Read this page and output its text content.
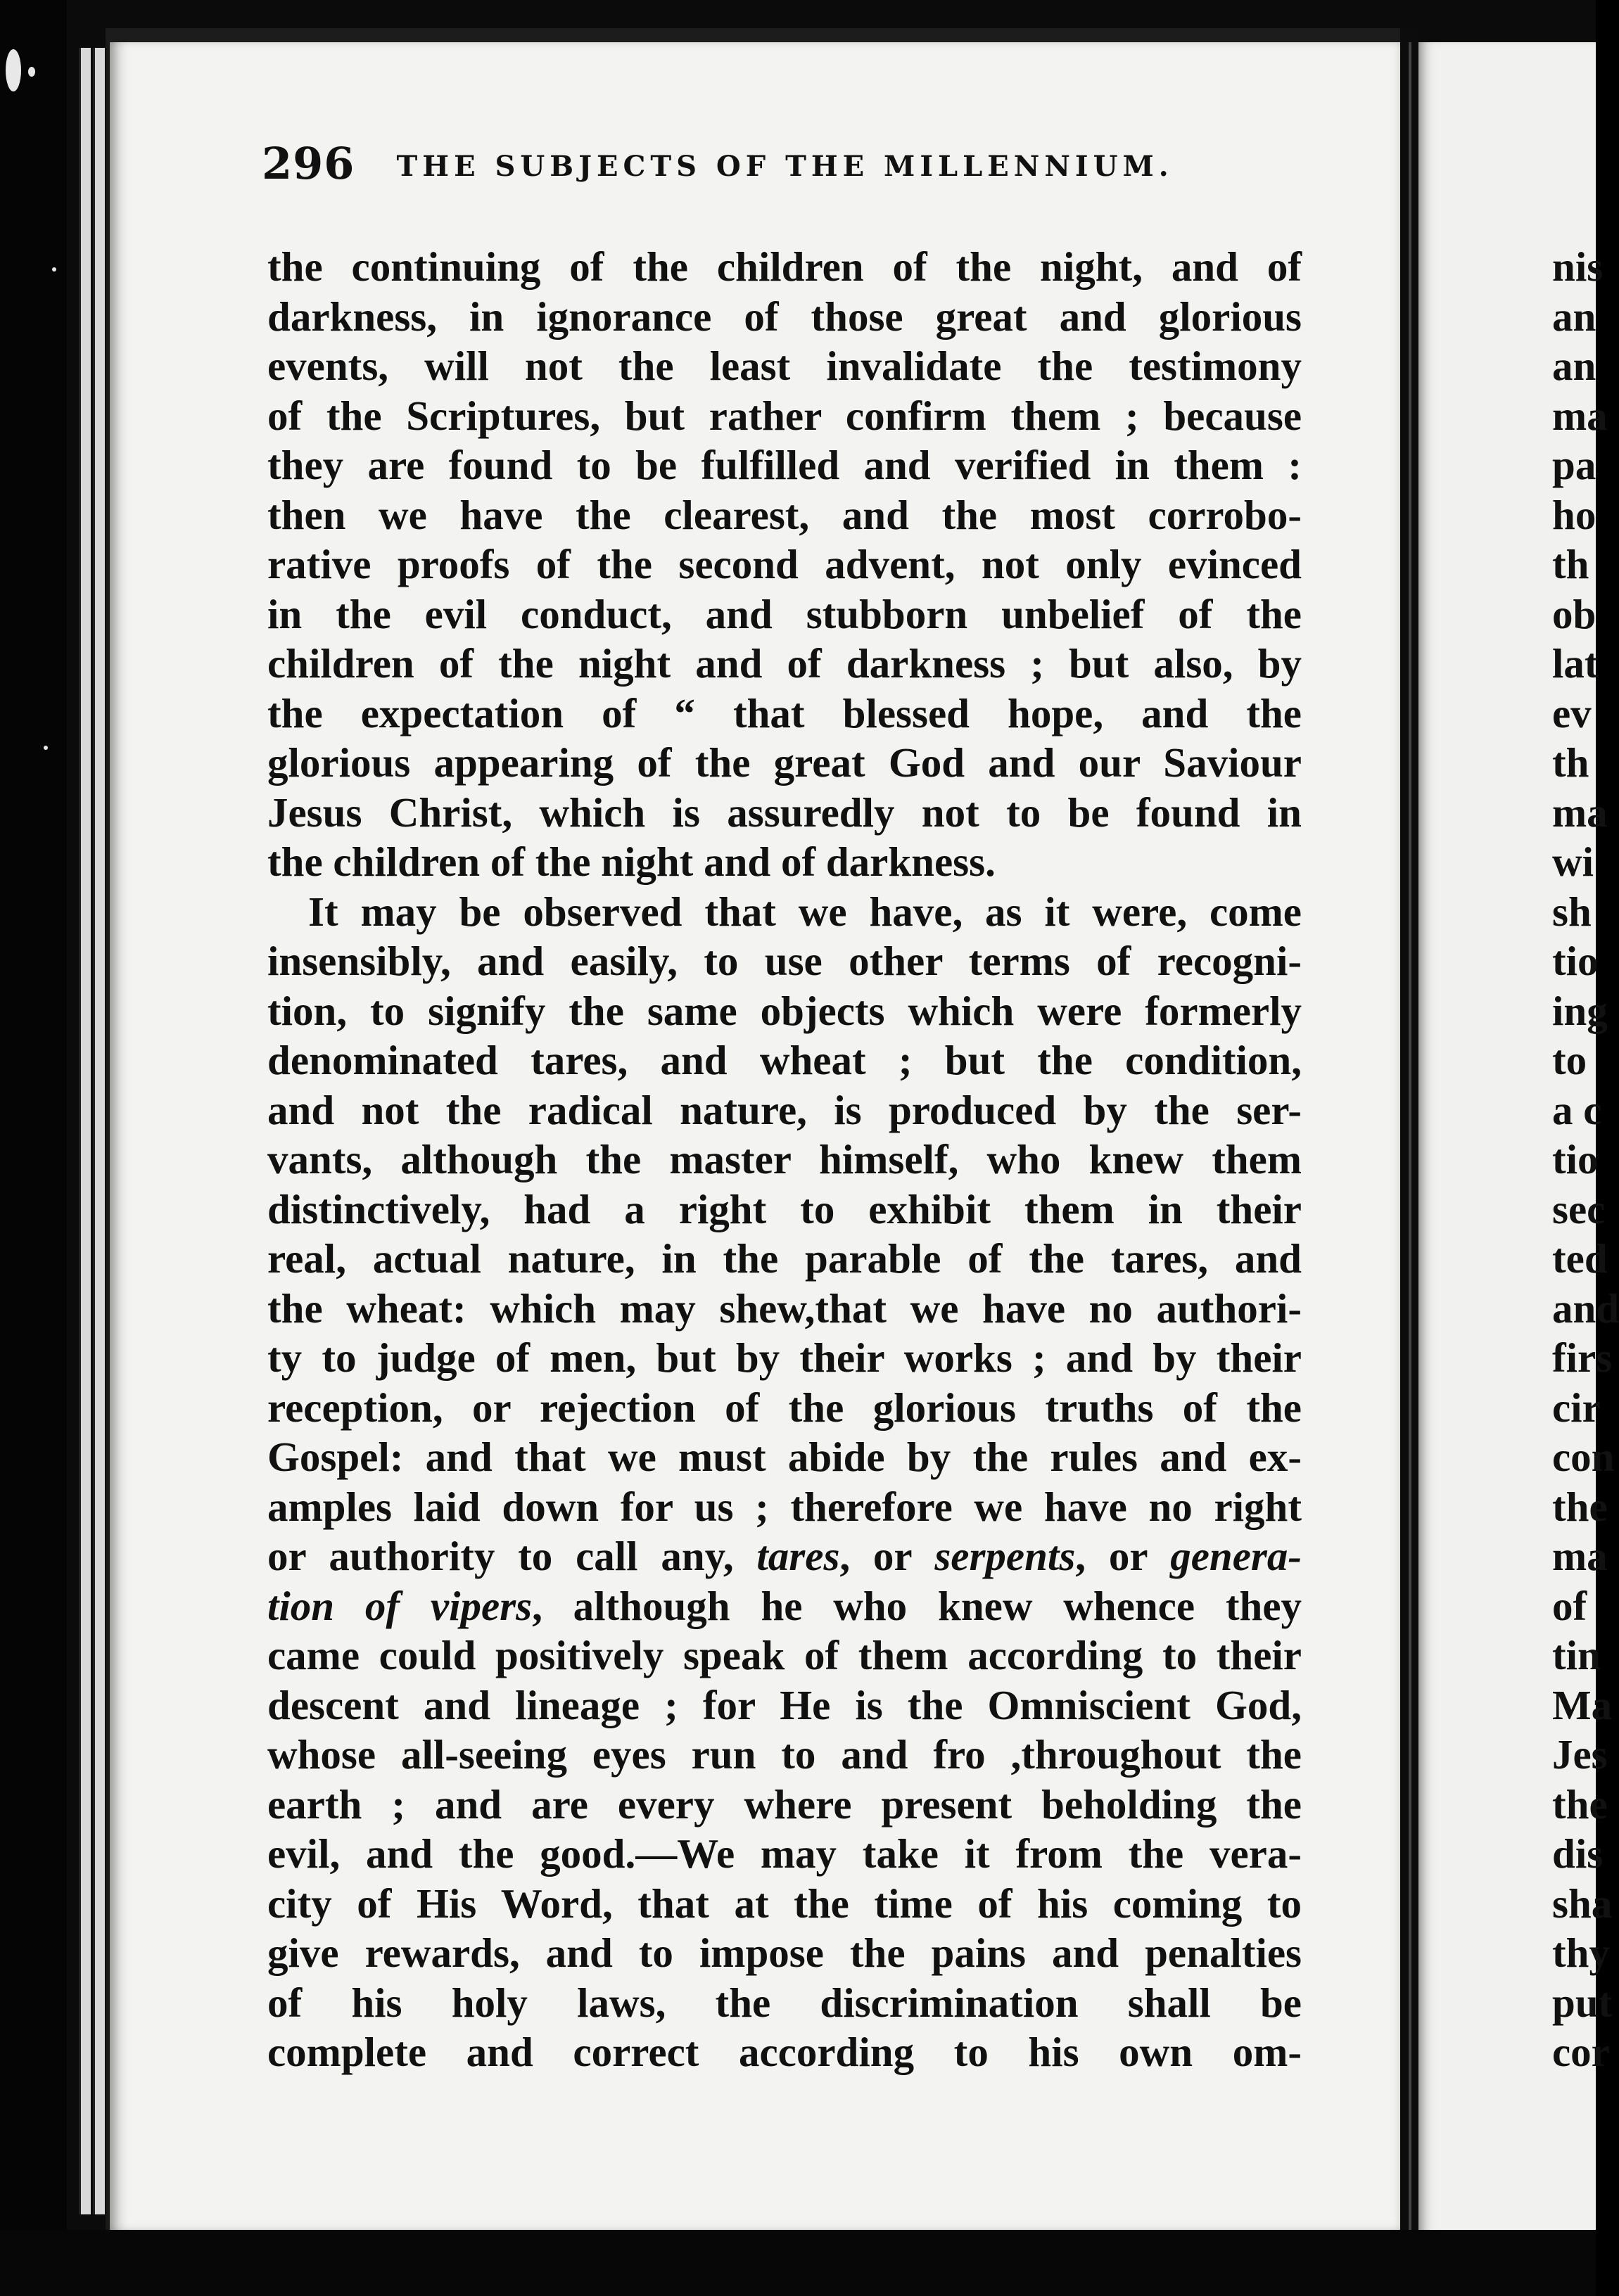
296 THE SUBJECTS OF THE MILLENNIUM.

the continuing of the children of the night, and of
darkness, in ignorance of those great and glorious
events, will not the least invalidate the testimony
of the Scriptures, but rather confirm them ; because
they are found to be fulfilled and verified in them :
then we have the clearest, and the most corrobo-
rative proofs of the second advent, not only evinced
in the evil conduct, and stubborn unbelief of the
children of the night and of darkness ; but also, by
the expectation of “ that blessed hope, and the
glorious appearing of the great God and our Saviour
Jesus Christ, which is assuredly not to be found in
the children of the night and of darkness.

It may be observed that we have, as it were, come
insensibly, and easily, to use other terms of recogni-
tion, to signify the same objects which were formerly
denominated tares, and wheat ; but the condition,
and not the radical nature, is produced by the ser-
vants, although the master himself, who knew them
distinctively, had a right to exhibit them in their
real, actual nature, in the parable of the tares, and
the wheat: which may shew,that we have no authori-
ty to judge of men, but by their works ; and by their
reception, or rejection of the glorious truths of the
Gospel: and that we must abide by the rules and ex-
amples laid down for us ; therefore we have no right
or authority to call any, tares, or serpents, or genera-
tion of vipers, although he who knew whence they
came could positively speak of them according to their
descent and lineage ; for He is the Omniscient God,
whose all-seeing eyes run to and fro ,throughout the
earth ; and are every where present beholding the
evil, and the good.—We may take it from the vera-
city of His Word, that at the time of his coming to
give rewards, and to impose the pains and penalties
of his holy laws, the discrimination shall be
complete and correct according to his own om-

nis
an
an
ma
pa
ho
th
ob
lat
ev
th
ma
wi
sh
tio
ing
to
a c
tio
sec
ted
and
firs
cir
con
the
ma
of
tin
Ma
Jes
the
dis
sha
thy
put
cor
